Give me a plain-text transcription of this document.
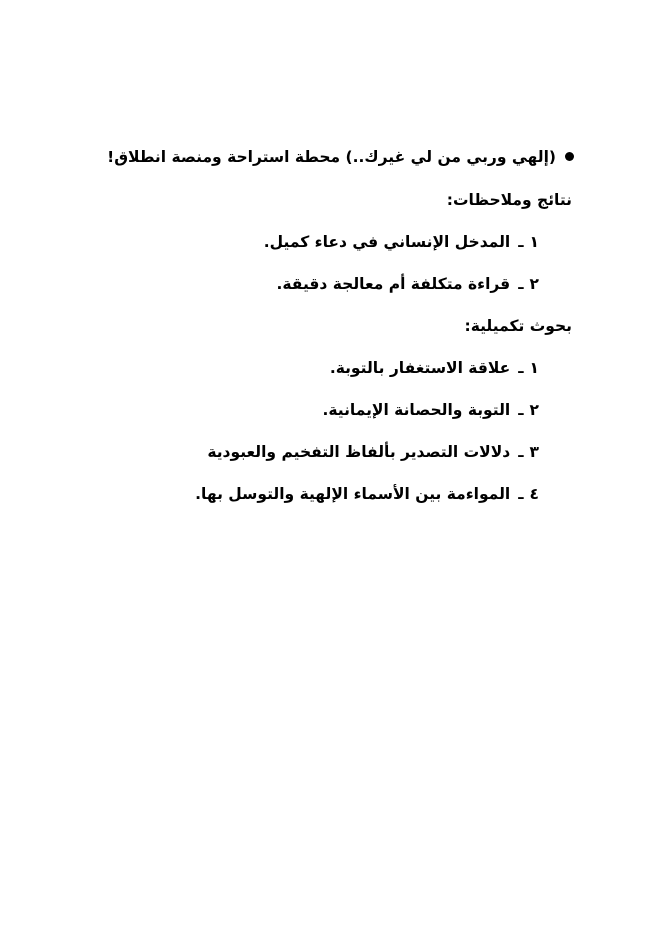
(إلهي وربي من لي غيرك..) محطة استراحة ومنصة انطلاق!
نتائج وملاحظات:
١ـالمدخل الإنساني في دعاء كميل.
٢ـقراءة متكلفة أم معالجة دقيقة.
بحوث تكميلية:
١ـعلاقة الاستغفار بالتوبة.
٢ـالتوبة والحصانة الإيمانية.
٣ـدلالات التصدير بألفاظ التفخيم والعبودية
٤ـالمواءمة بين الأسماء الإلهية والتوسل بها.
